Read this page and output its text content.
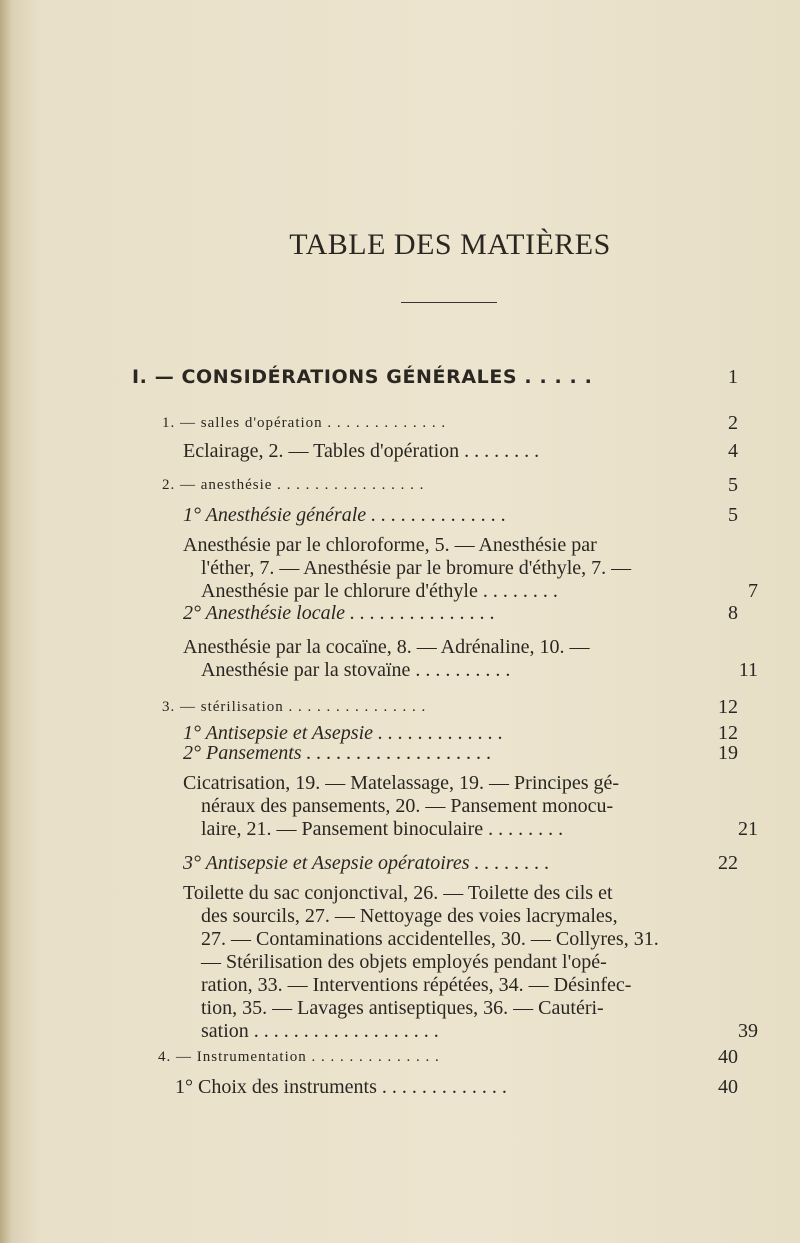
TABLE DES MATIÈRES
I. — CONSIDÉRATIONS GÉNÉRALES . . . . .	1
1. — salles d'opération . . . . . . . . . . . . .	2
Eclairage, 2. — Tables d'opération . . . . . . . .	4
2. — anesthésie . . . . . . . . . . . . . . . .	5
1° Anesthésie générale . . . . . . . . . . . . . .	5
Anesthésie par le chloroforme, 5. — Anesthésie par
l'éther, 7. — Anesthésie par le bromure d'éthyle, 7. —
Anesthésie par le chlorure d'éthyle . . . . . . . .	7
2° Anesthésie locale . . . . . . . . . . . . . . .	8
Anesthésie par la cocaïne, 8. — Adrénaline, 10. —
Anesthésie par la stovaïne . . . . . . . . . .	11
3. — stérilisation . . . . . . . . . . . . . . .	12
1° Antisepsie et Asepsie . . . . . . . . . . . . .	12
2° Pansements . . . . . . . . . . . . . . . . . . .	19
Cicatrisation, 19. — Matelassage, 19. — Principes gé-
néraux des pansements, 20. — Pansement monocu-
laire, 21. — Pansement binoculaire . . . . . . . .	21
3° Antisepsie et Asepsie opératoires . . . . . . . .	22
Toilette du sac conjonctival, 26. — Toilette des cils et
des sourcils, 27. — Nettoyage des voies lacrymales,
27. — Contaminations accidentelles, 30. — Collyres, 31.
— Stérilisation des objets employés pendant l'opé-
ration, 33. — Interventions répétées, 34. — Désinfec-
tion, 35. — Lavages antiseptiques, 36. — Cautéri-
sation . . . . . . . . . . . . . . . . . . .	39
4. — Instrumentation . . . . . . . . . . . . . .	40
1° Choix des instruments . . . . . . . . . . . . .	40
